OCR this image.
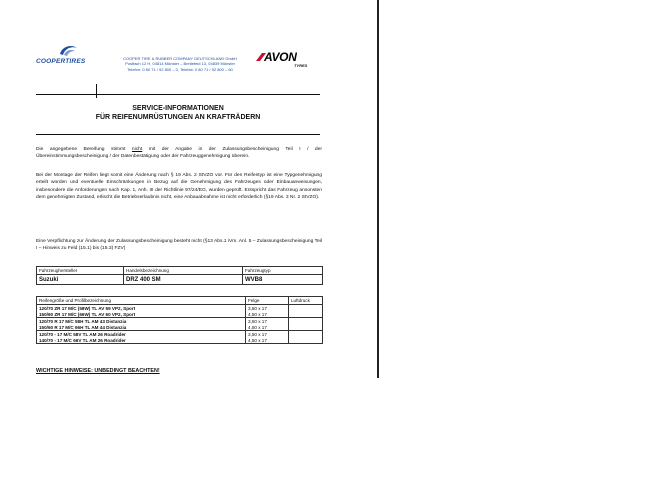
COOPERTIRES	AVON
TYRES
COOPER TIRE & RUBBER COMPANY DEUTSCHLAND GmbH
Postfach 12 H, 04814 Münster – Breitefeld 13, 04839 Münster
Telefon: 0 80 71 / 92 800 – 0, Telefax: 0 80 71 / 92 800 – 60
SERVICE-INFORMATIONEN
FÜR REIFENUMRÜSTUNGEN AN KRAFTRÄDERN
Die angegebene Bereifung stimmt nicht mit der Angabe in der Zulassungsbescheinigung Teil I / der Übereinstimmungsbescheinigung / der Datenbestätigung oder der Fahrzeuggenehmigung überein.
Bei der Montage der Reifen liegt somit eine Änderung nach § 19 Abs. 2 StVZO vor. Für den Reifentyp ist eine Typgenehmigung erteilt worden und eventuelle Einschränkungen in Bezug auf die Genehmigung des Fahrzeuges oder Einbauanweisungen, insbesondere die Anforderungen nach Kap. 1, Anh. III der Richtlinie 97/24/EG, wurden geprüft. Entspricht das Fahrzeug ansonsten dem genehmigten Zustand, erlischt die Betriebserlaubnis nicht, eine Anbauabnahme ist nicht erforderlich (§19 Abs. 3 Nr. 2 StVZO).
Eine Verpflichtung zur Änderung der Zulassungsbescheinigung besteht nicht (§13 Abs.1 iVm. Anl. 5 – Zulassungsbescheinigung Teil I – Hinweis zu Feld (15.1) bis (15.3) FZV)
Fahrzeughersteller	Handelsbezeichnung	Fahrzeugtyp
Suzuki	DRZ 400 SM	WVB8
Reifengröße und Profilbezeichnung	Felge	Luftdruck
120/70 ZR 17 M/C (58W) TL AV 59 VP2, Sport	3,50 x 17	
150/60 ZR 17 M/C (66W) TL AV 60 VP2, Sport	4,50 x 17	
120/70 R 17 M/C 58H TL AM 43 Distanzia	3,50 x 17	
150/60 R 17 M/C 66H TL AM 44 Distanzia	4,50 x 17	
120/70 - 17 M/C 58V TL AM 26 Roadrider	3,50 x 17	
140/70 - 17 M/C 66V TL AM 26 Roadrider	4,50 x 17	
WICHTIGE HINWEISE: UNBEDINGT BEACHTEN!
